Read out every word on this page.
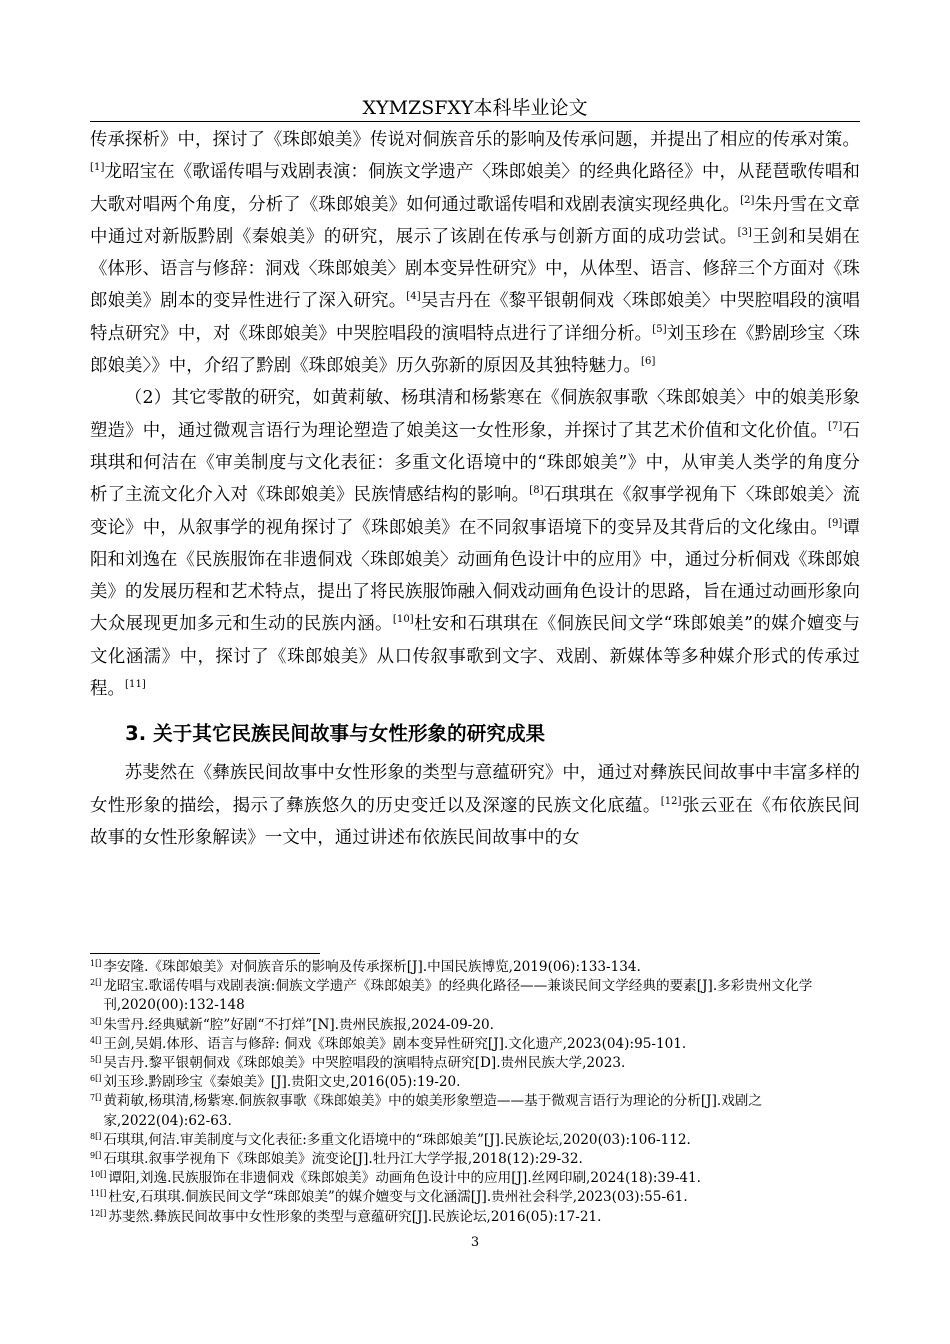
XYMZSFXY本科毕业论文

传承探析》中，探讨了《珠郎娘美》传说对侗族音乐的影响及传承问题，并提出了相应的传承对策。[1]龙昭宝在《歌谣传唱与戏剧表演：侗族文学遗产〈珠郎娘美〉的经典化路径》中，从琵琶歌传唱和大歌对唱两个角度，分析了《珠郎娘美》如何通过歌谣传唱和戏剧表演实现经典化。[2]朱丹雪在文章中通过对新版黔剧《秦娘美》的研究，展示了该剧在传承与创新方面的成功尝试。[3]王剑和吴娟在《体形、语言与修辞：洞戏〈珠郎娘美〉剧本变异性研究》中，从体型、语言、修辞三个方面对《珠郎娘美》剧本的变异性进行了深入研究。[4]吴吉丹在《黎平银朝侗戏〈珠郎娘美〉中哭腔唱段的演唱特点研究》中，对《珠郎娘美》中哭腔唱段的演唱特点进行了详细分析。[5]刘玉珍在《黔剧珍宝〈珠郎娘美〉》中，介绍了黔剧《珠郎娘美》历久弥新的原因及其独特魅力。[6]

（2）其它零散的研究，如黄莉敏、杨琪清和杨紫寒在《侗族叙事歌〈珠郎娘美〉中的娘美形象塑造》中，通过微观言语行为理论塑造了娘美这一女性形象，并探讨了其艺术价值和文化价值。[7]石琪琪和何洁在《审美制度与文化表征：多重文化语境中的“珠郎娘美”》中，从审美人类学的角度分析了主流文化介入对《珠郎娘美》民族情感结构的影响。[8]石琪琪在《叙事学视角下〈珠郎娘美〉流变论》中，从叙事学的视角探讨了《珠郎娘美》在不同叙事语境下的变异及其背后的文化缘由。[9]谭阳和刘逸在《民族服饰在非遗侗戏〈珠郎娘美〉动画角色设计中的应用》中，通过分析侗戏《珠郎娘美》的发展历程和艺术特点，提出了将民族服饰融入侗戏动画角色设计的思路，旨在通过动画形象向大众展现更加多元和生动的民族内涵。[10]杜安和石琪琪在《侗族民间文学“珠郎娘美”的媒介嬗变与文化涵濡》中，探讨了《珠郎娘美》从口传叙事歌到文字、戏剧、新媒体等多种媒介形式的传承过程。[11]

3. 关于其它民族民间故事与女性形象的研究成果

苏斐然在《彝族民间故事中女性形象的类型与意蕴研究》中，通过对彝族民间故事中丰富多样的女性形象的描绘，揭示了彝族悠久的历史变迁以及深邃的民族文化底蕴。[12]张云亚在《布依族民间故事的女性形象解读》一文中，通过讲述布依族民间故事中的女

1[] 李安隆.《珠郎娘美》对侗族音乐的影响及传承探析[J].中国民族博览,2019(06):133-134.
2[] 龙昭宝.歌谣传唱与戏剧表演:侗族文学遗产《珠郎娘美》的经典化路径——兼谈民间文学经典的要素[J].多彩贵州文化学刊,2020(00):132-148
3[] 朱雪丹.经典赋新“腔”好剧“不打烊”[N].贵州民族报,2024-09-20.
4[] 王剑,吴娟.体形、语言与修辞: 侗戏《珠郎娘美》剧本变异性研究[J].文化遗产,2023(04):95-101.
5[] 吴吉丹.黎平银朝侗戏《珠郎娘美》中哭腔唱段的演唱特点研究[D].贵州民族大学,2023.
6[] 刘玉珍.黔剧珍宝《秦娘美》[J].贵阳文史,2016(05):19-20.
7[] 黄莉敏,杨琪清,杨紫寒.侗族叙事歌《珠郎娘美》中的娘美形象塑造——基于微观言语行为理论的分析[J].戏剧之家,2022(04):62-63.
8[] 石琪琪,何洁.审美制度与文化表征:多重文化语境中的“珠郎娘美”[J].民族论坛,2020(03):106-112.
9[] 石琪琪.叙事学视角下《珠郎娘美》流变论[J].牡丹江大学学报,2018(12):29-32.
10[] 谭阳,刘逸.民族服饰在非遗侗戏《珠郎娘美》动画角色设计中的应用[J].丝网印刷,2024(18):39-41.
11[] 杜安,石琪琪.侗族民间文学“珠郎娘美”的媒介嬗变与文化涵濡[J].贵州社会科学,2023(03):55-61.
12[] 苏斐然.彝族民间故事中女性形象的类型与意蕴研究[J].民族论坛,2016(05):17-21.
3
